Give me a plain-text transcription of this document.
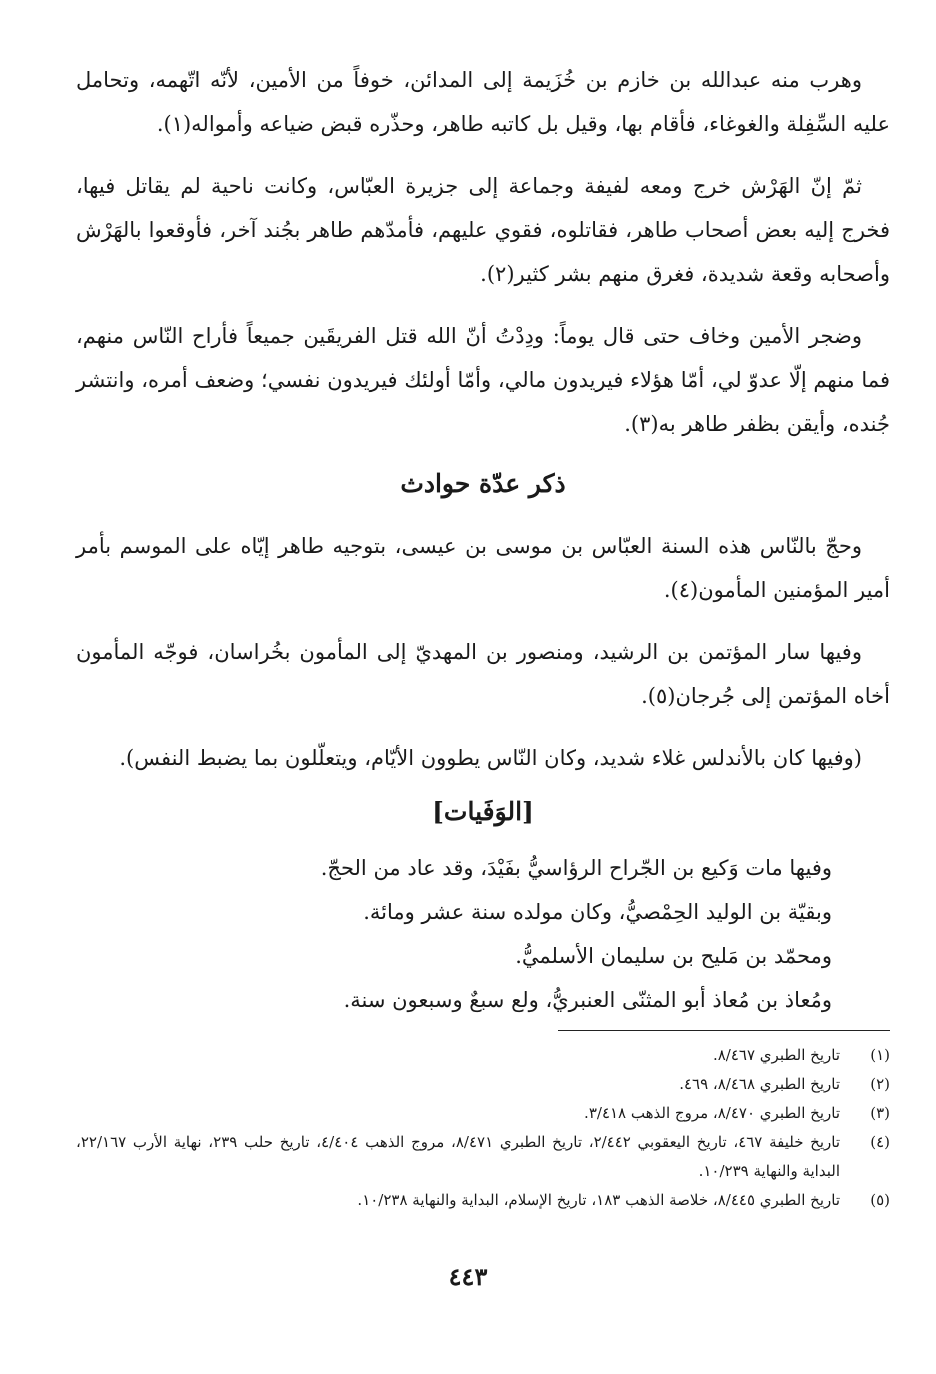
وهرب منه عبدالله بن خازم بن خُزَيمة إلى المدائن، خوفاً من الأمين، لأنّه اتّهمه، وتحامل عليه السِّفِلة والغوغاء، فأقام بها، وقيل بل كاتبه طاهر، وحذّره قبض ضياعه وأمواله(١).

ثمّ إنّ الهَرْش خرج ومعه لفيفة وجماعة إلى جزيرة العبّاس، وكانت ناحية لم يقاتل فيها، فخرج إليه بعض أصحاب طاهر، فقاتلوه، فقوي عليهم، فأمدّهم طاهر بجُند آخر، فأوقعوا بالهَرْش وأصحابه وقعة شديدة، فغرق منهم بشر كثير(٢).

وضجر الأمين وخاف حتى قال يوماً: ودِدْتُ أنّ الله قتل الفريقَين جميعاً فأراح النّاس منهم، فما منهم إلّا عدوّ لي، أمّا هؤلاء فيريدون مالي، وأمّا أولئك فيريدون نفسي؛ وضعف أمره، وانتشر جُنده، وأيقن بظفر طاهر به(٣).

ذكر عدّة حوادث

وحجّ بالنّاس هذه السنة العبّاس بن موسى بن عيسى، بتوجيه طاهر إيّاه على الموسم بأمر أمير المؤمنين المأمون(٤).

وفيها سار المؤتمن بن الرشيد، ومنصور بن المهديّ إلى المأمون بخُراسان، فوجّه المأمون أخاه المؤتمن إلى جُرجان(٥).

(وفيها كان بالأندلس غلاء شديد، وكان النّاس يطوون الأيّام، ويتعلّلون بما يضبط النفس).

[الوَفَيات]

وفيها مات وَكيع بن الجّراح الرؤاسيُّ بفَيْدَ، وقد عاد من الحجّ.

وبقيّة بن الوليد الحِمْصيُّ، وكان مولده سنة عشر ومائة.

ومحمّد بن مَليح بن سليمان الأسلميُّ.

ومُعاذ بن مُعاذ أبو المثنّى العنبريُّ، ولع سبعٌ وسبعون سنة.

(١)
تاريخ الطبري ٨/٤٦٧.
(٢)
تاريخ الطبري ٨/٤٦٨، ٤٦٩.
(٣)
تاريخ الطبري ٨/٤٧٠، مروج الذهب ٣/٤١٨.
(٤)
تاريخ خليفة ٤٦٧، تاريخ اليعقوبي ٢/٤٤٢، تاريخ الطبري ٨/٤٧١، مروج الذهب ٤/٤٠٤، تاريخ حلب ٢٣٩، نهاية الأرب ٢٢/١٦٧، البداية والنهاية ١٠/٢٣٩.
(٥)
تاريخ الطبري ٨/٤٤٥، خلاصة الذهب ١٨٣، تاريخ الإسلام، البداية والنهاية ١٠/٢٣٨.
٤٤٣
